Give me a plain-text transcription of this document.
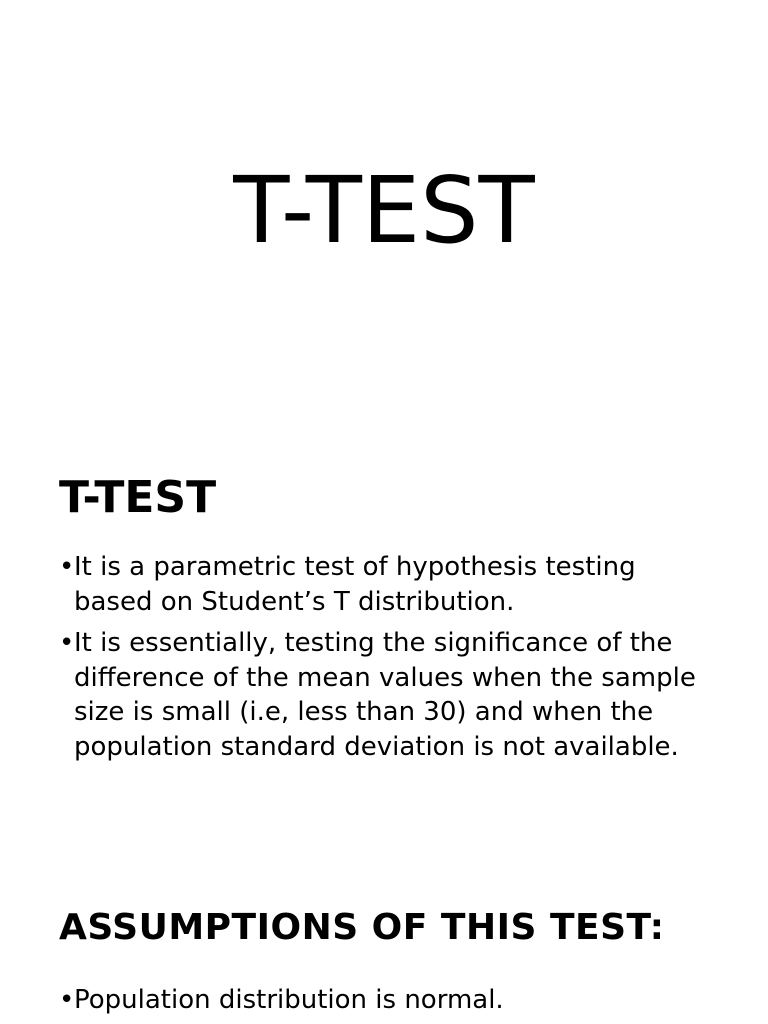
T-TEST
T-TEST
• It is a parametric test of hypothesis testing based on Student’s T distribution.
• It is essentially, testing the significance of the difference of the mean values when the sample size is small (i.e, less than 30) and when the population standard deviation is not available.
ASSUMPTIONS OF THIS TEST:
• Population distribution is normal.
